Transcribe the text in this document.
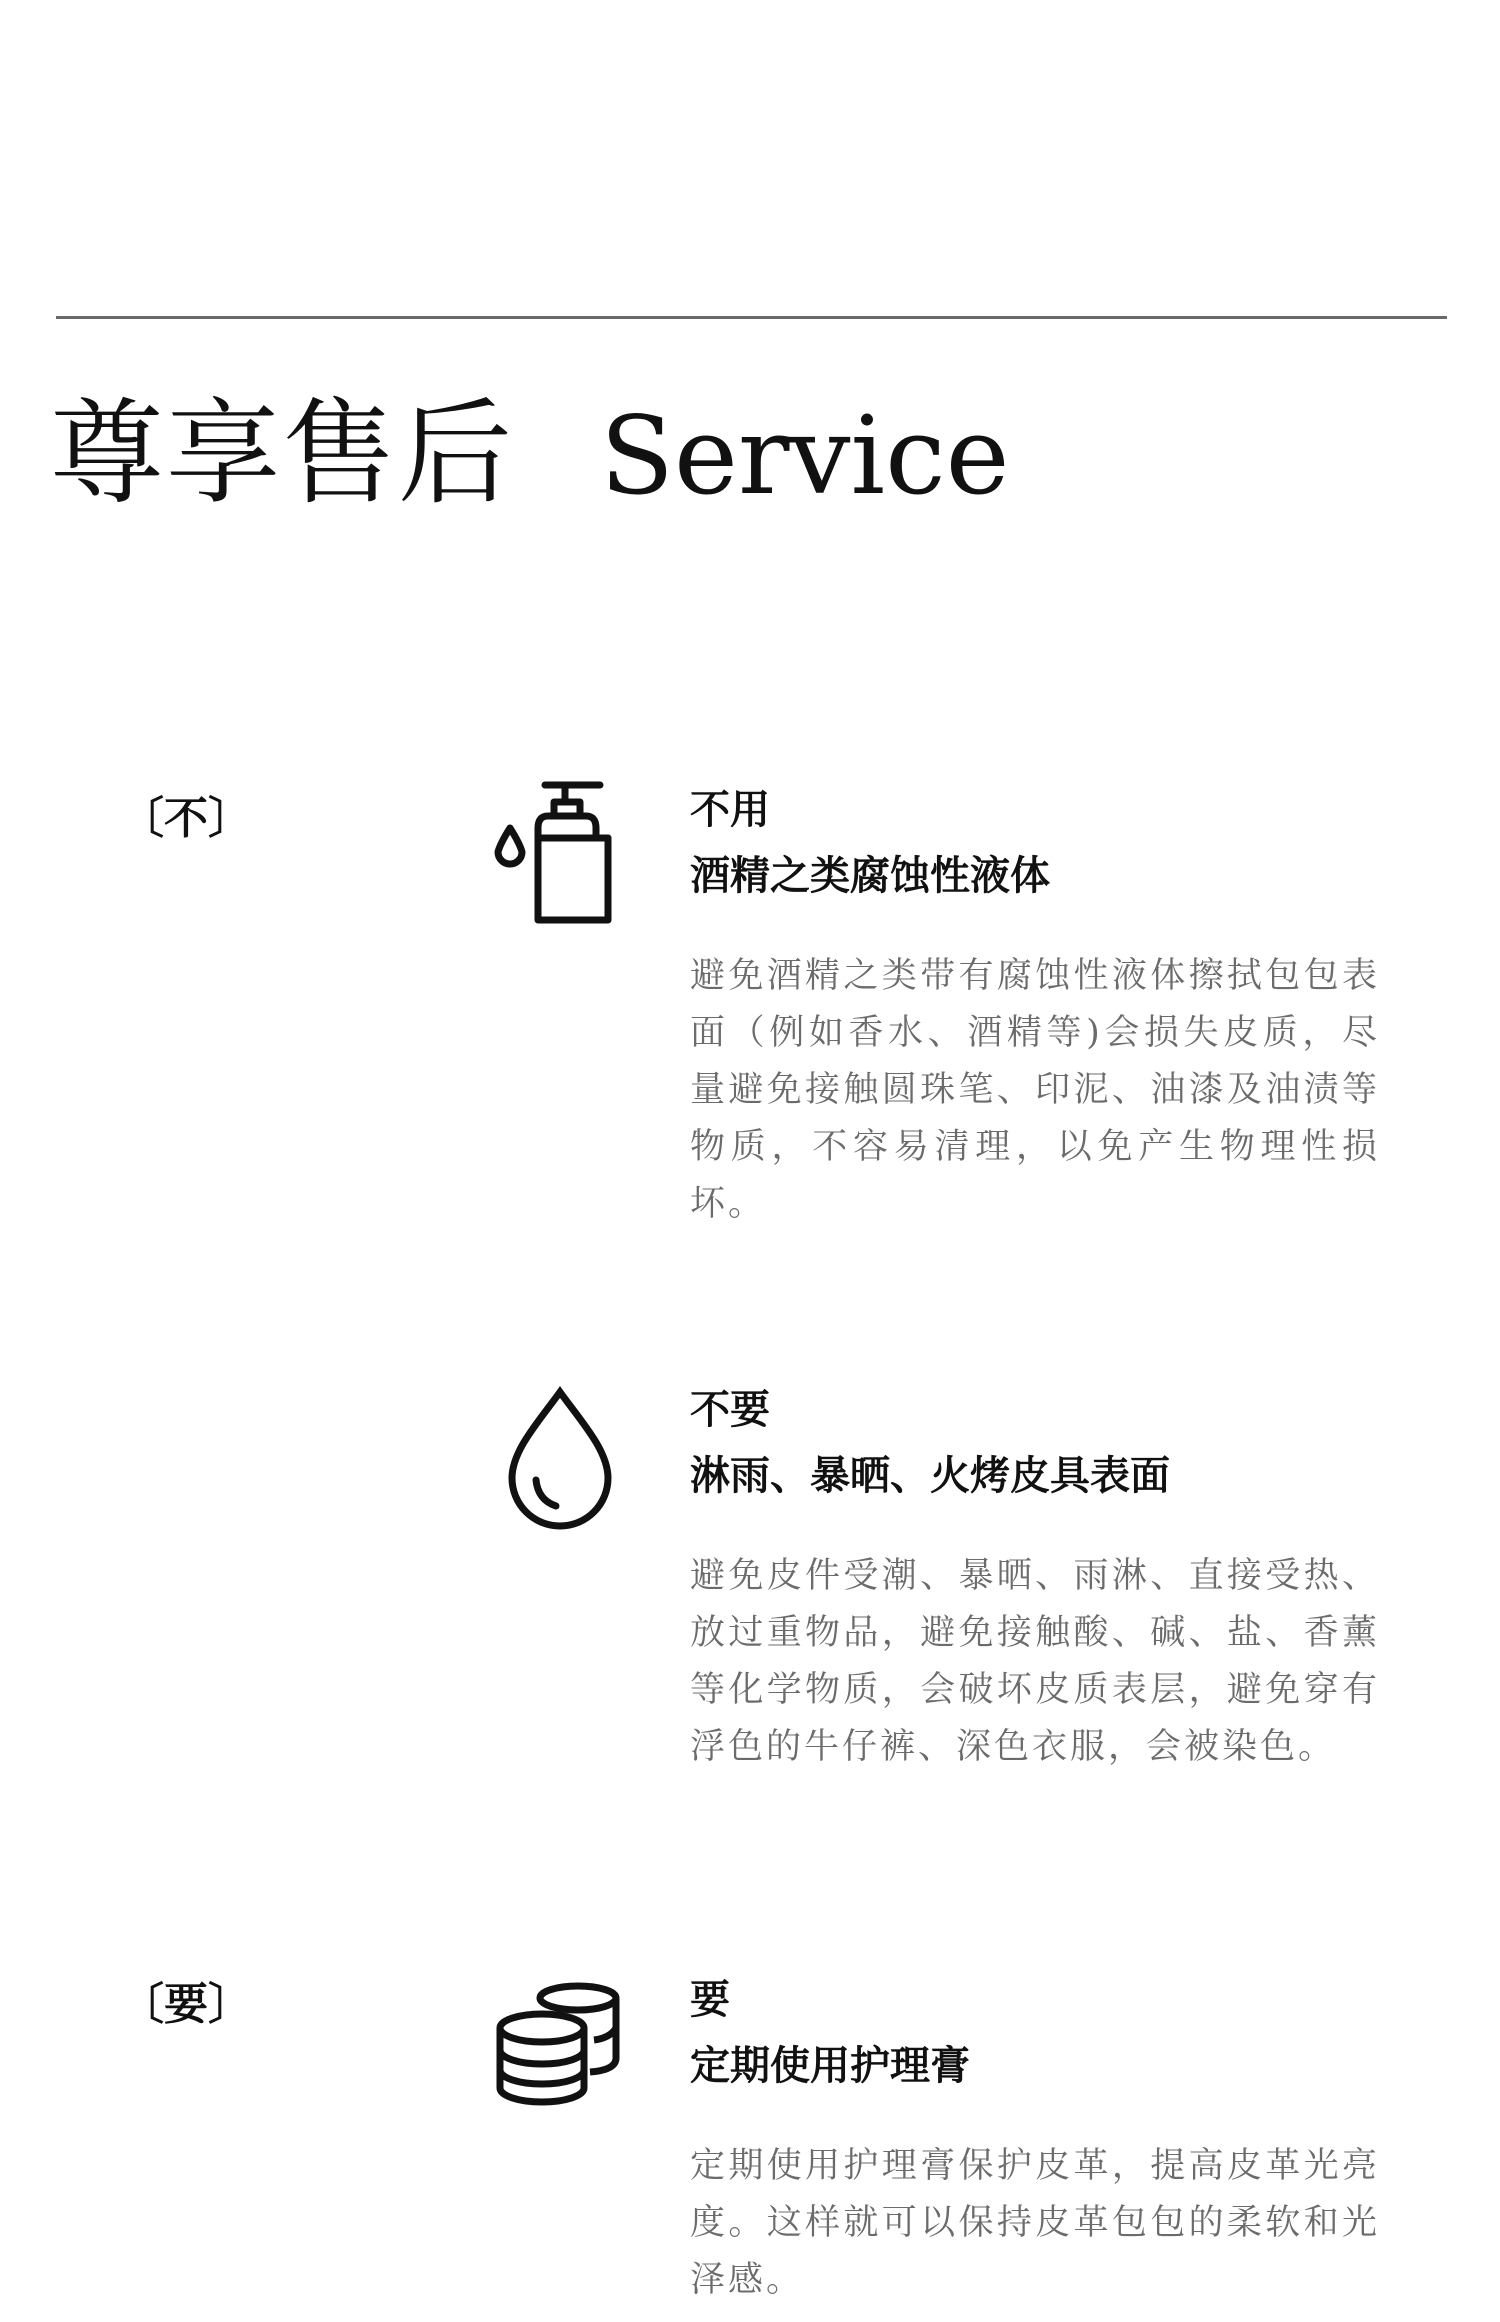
尊享售后 Service
〔不〕
〔要〕
不用
酒精之类腐蚀性液体
避免酒精之类带有腐蚀性液体擦拭包包表面（例如香水、酒精等)会损失皮质，尽量避免接触圆珠笔、印泥、油漆及油渍等物质，不容易清理，以免产生物理性损坏。
不要
淋雨、暴晒、火烤皮具表面
避免皮件受潮、暴晒、雨淋、直接受热、放过重物品，避免接触酸、碱、盐、香薰等化学物质，会破坏皮质表层，避免穿有浮色的牛仔裤、深色衣服，会被染色。
要
定期使用护理膏
定期使用护理膏保护皮革，提高皮革光亮度。这样就可以保持皮革包包的柔软和光泽感。
